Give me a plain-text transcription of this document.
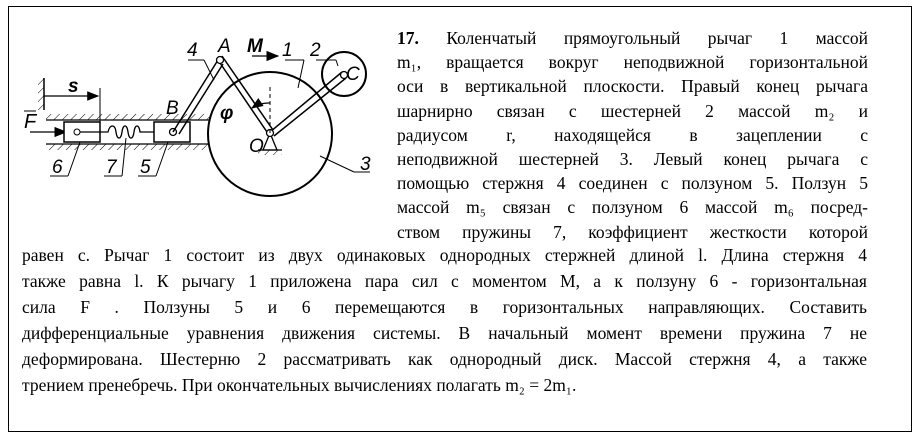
s
F	φ
4 A M 1 2
C
B
O
3
6 7 5
17. Коленчатый прямоугольный рычаг 1 массой
m₁, вращается вокруг неподвижной горизонтальной
оси в вертикальной плоскости. Правый конец рычага
шарнирно связан с шестерней 2 массой m₂ и
радиусом r, находящейся в зацеплении с
неподвижной шестерней 3. Левый конец рычага с
помощью стержня 4 соединен с ползуном 5. Ползун 5
массой m₅ связан с ползуном 6 массой m₆ посред-
ством пружины 7, коэффициент жесткости которой
равен c. Рычаг 1 состоит из двух одинаковых однородных стержней длиной l. Длина стержня 4
также равна l. К рычагу 1 приложена пара сил с моментом M, а к ползуну 6 - горизонтальная
сила F . Ползуны 5 и 6 перемещаются в горизонтальных направляющих. Составить
дифференциальные уравнения движения системы. В начальный момент времени пружина 7 не
деформирована. Шестерню 2 рассматривать как однородный диск. Массой стержня 4, а также
трением пренебречь. При окончательных вычислениях полагать m₂ = 2m₁.
